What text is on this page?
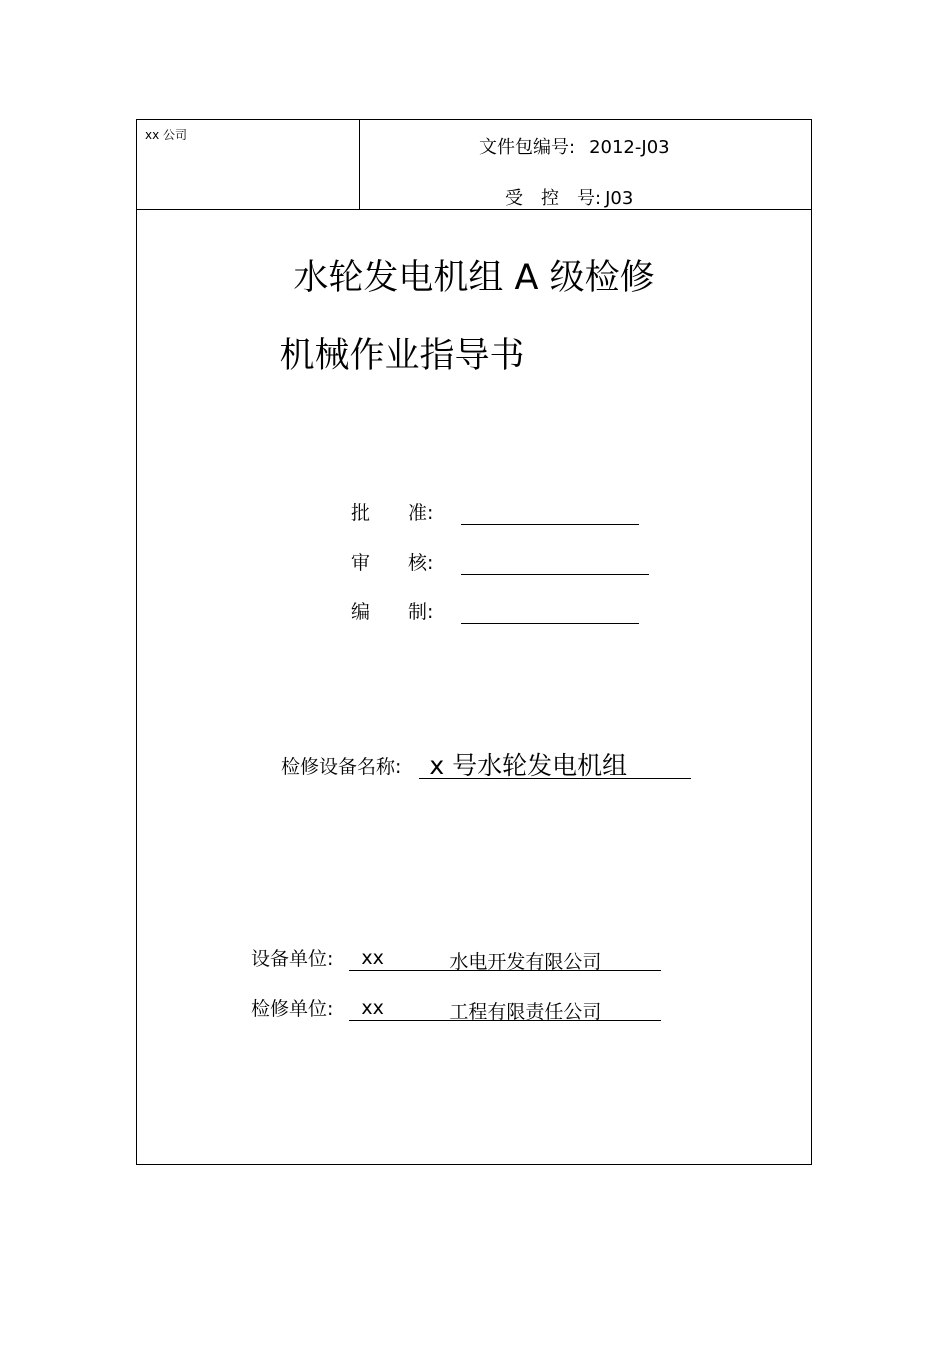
xx 公司
文件包编号: 2012-J03
受　控　号: J03
水轮发电机组 A 级检修
机械作业指导书
批　　准:
审　　核:
编　　制:
检修设备名称: x 号水轮发电机组
设备单位: xx	水电开发有限公司
检修单位: xx	工程有限责任公司
